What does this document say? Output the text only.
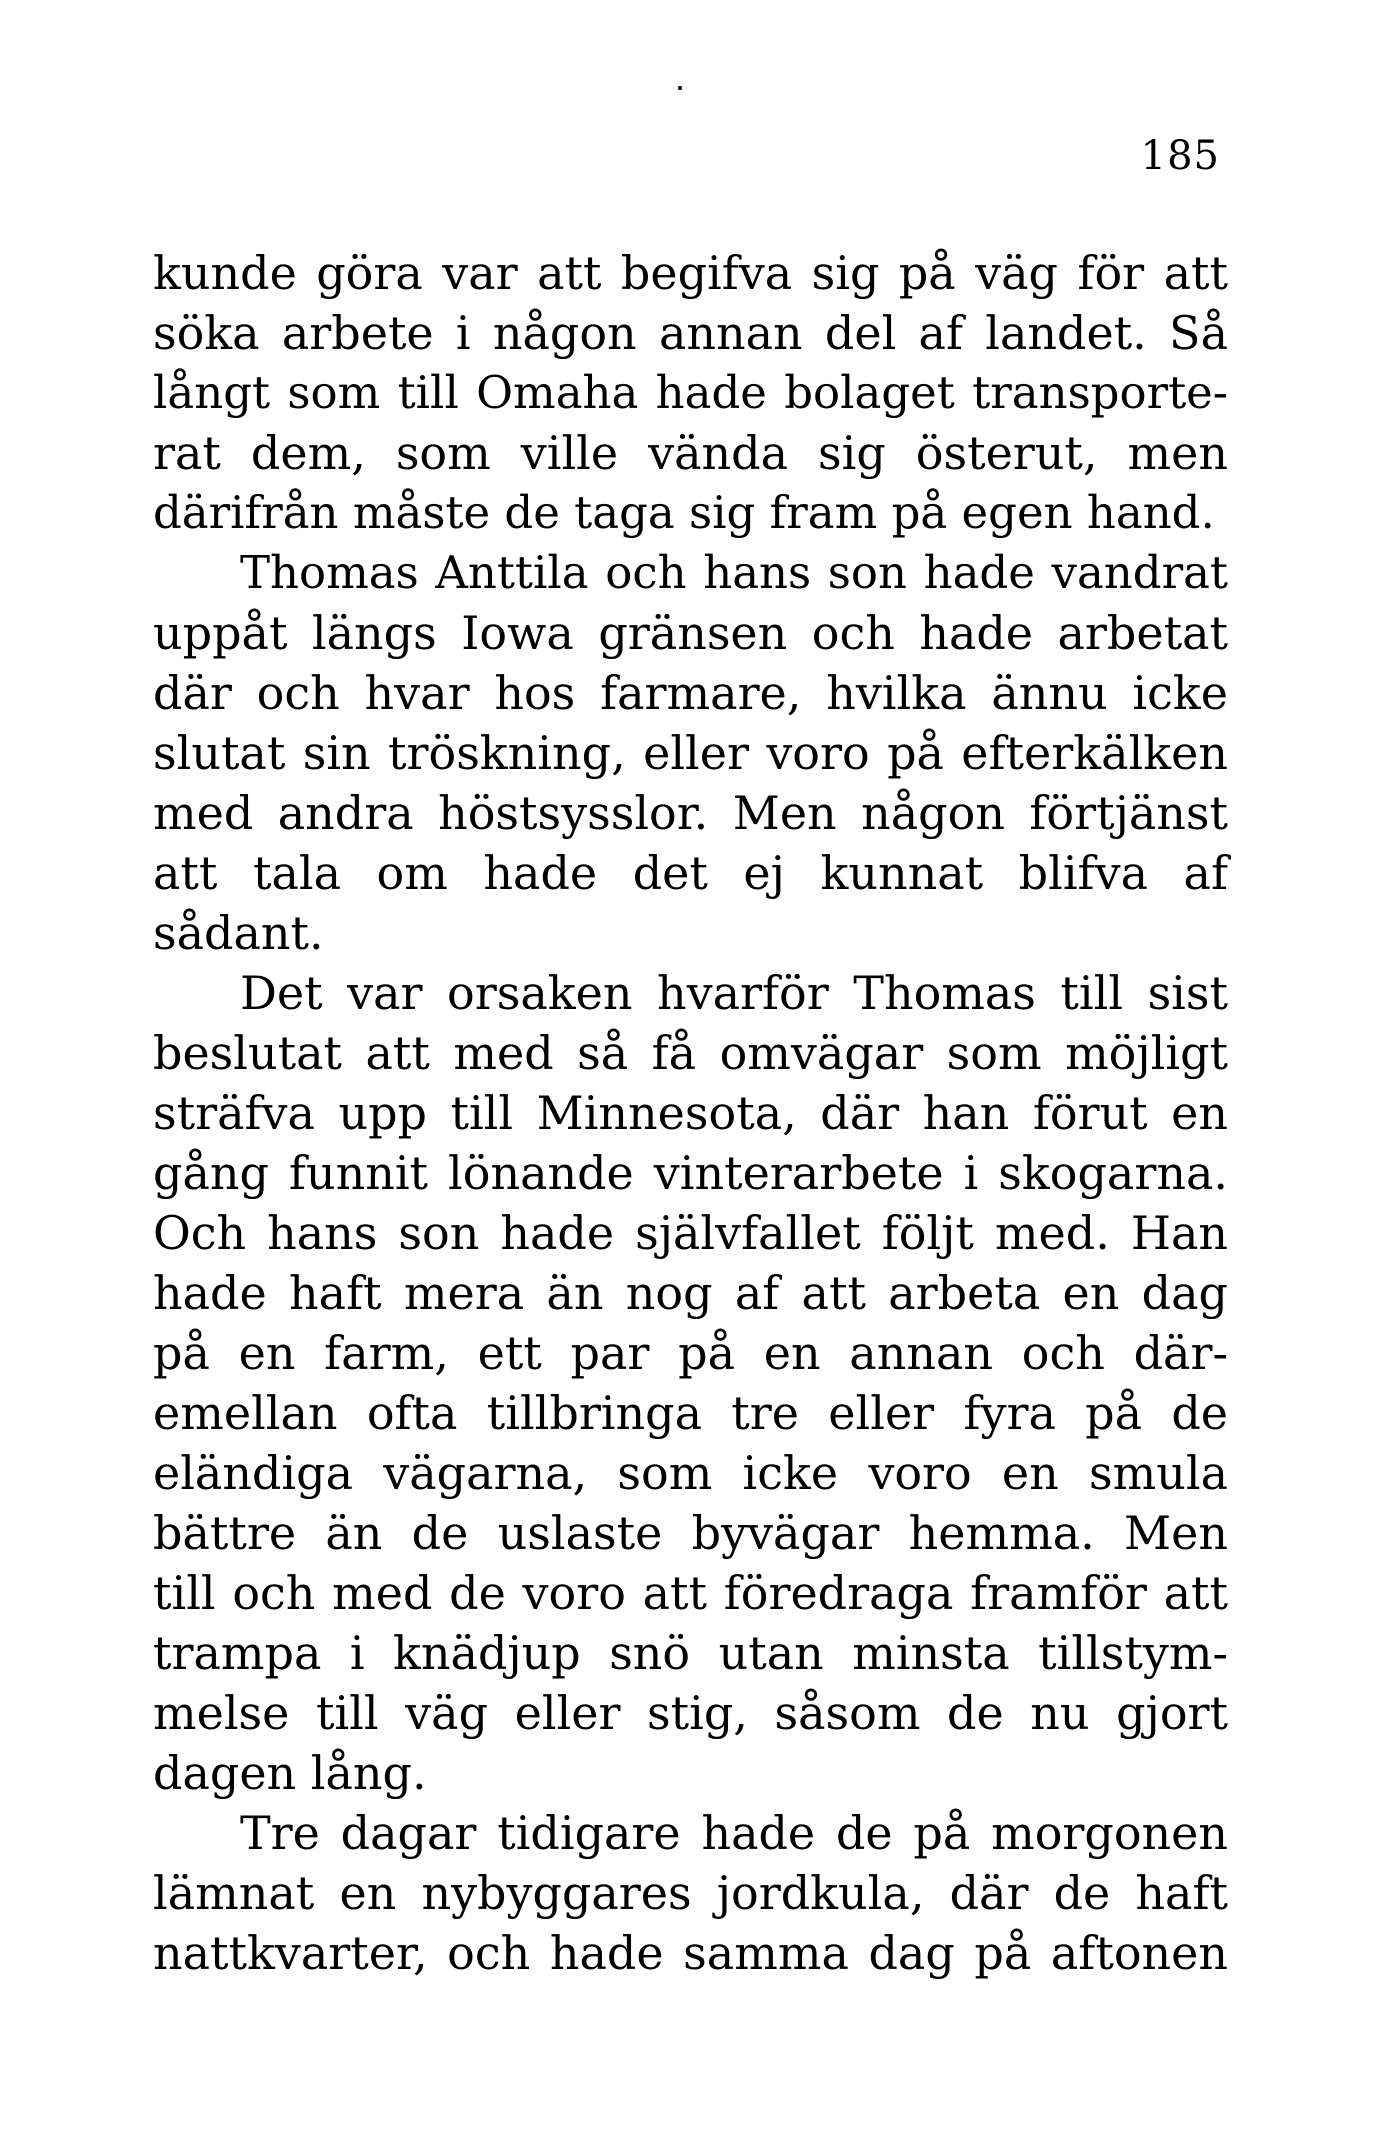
185
kunde göra var att begifva sig på väg för att
söka arbete i någon annan del af landet. Så
långt som till Omaha hade bolaget transporte-
rat dem, som ville vända sig österut, men
därifrån måste de taga sig fram på egen hand.
Thomas Anttila och hans son hade vandrat
uppåt längs Iowa gränsen och hade arbetat
där och hvar hos farmare, hvilka ännu icke
slutat sin tröskning, eller voro på efterkälken
med andra höstsysslor. Men någon förtjänst
att tala om hade det ej kunnat blifva af
sådant.
Det var orsaken hvarför Thomas till sist
beslutat att med så få omvägar som möjligt
sträfva upp till Minnesota, där han förut en
gång funnit lönande vinterarbete i skogarna.
Och hans son hade självfallet följt med. Han
hade haft mera än nog af att arbeta en dag
på en farm, ett par på en annan och där-
emellan ofta tillbringa tre eller fyra på de
eländiga vägarna, som icke voro en smula
bättre än de uslaste byvägar hemma. Men
till och med de voro att föredraga framför att
trampa i knädjup snö utan minsta tillstym-
melse till väg eller stig, såsom de nu gjort
dagen lång.
Tre dagar tidigare hade de på morgonen
lämnat en nybyggares jordkula, där de haft
nattkvarter, och hade samma dag på aftonen
